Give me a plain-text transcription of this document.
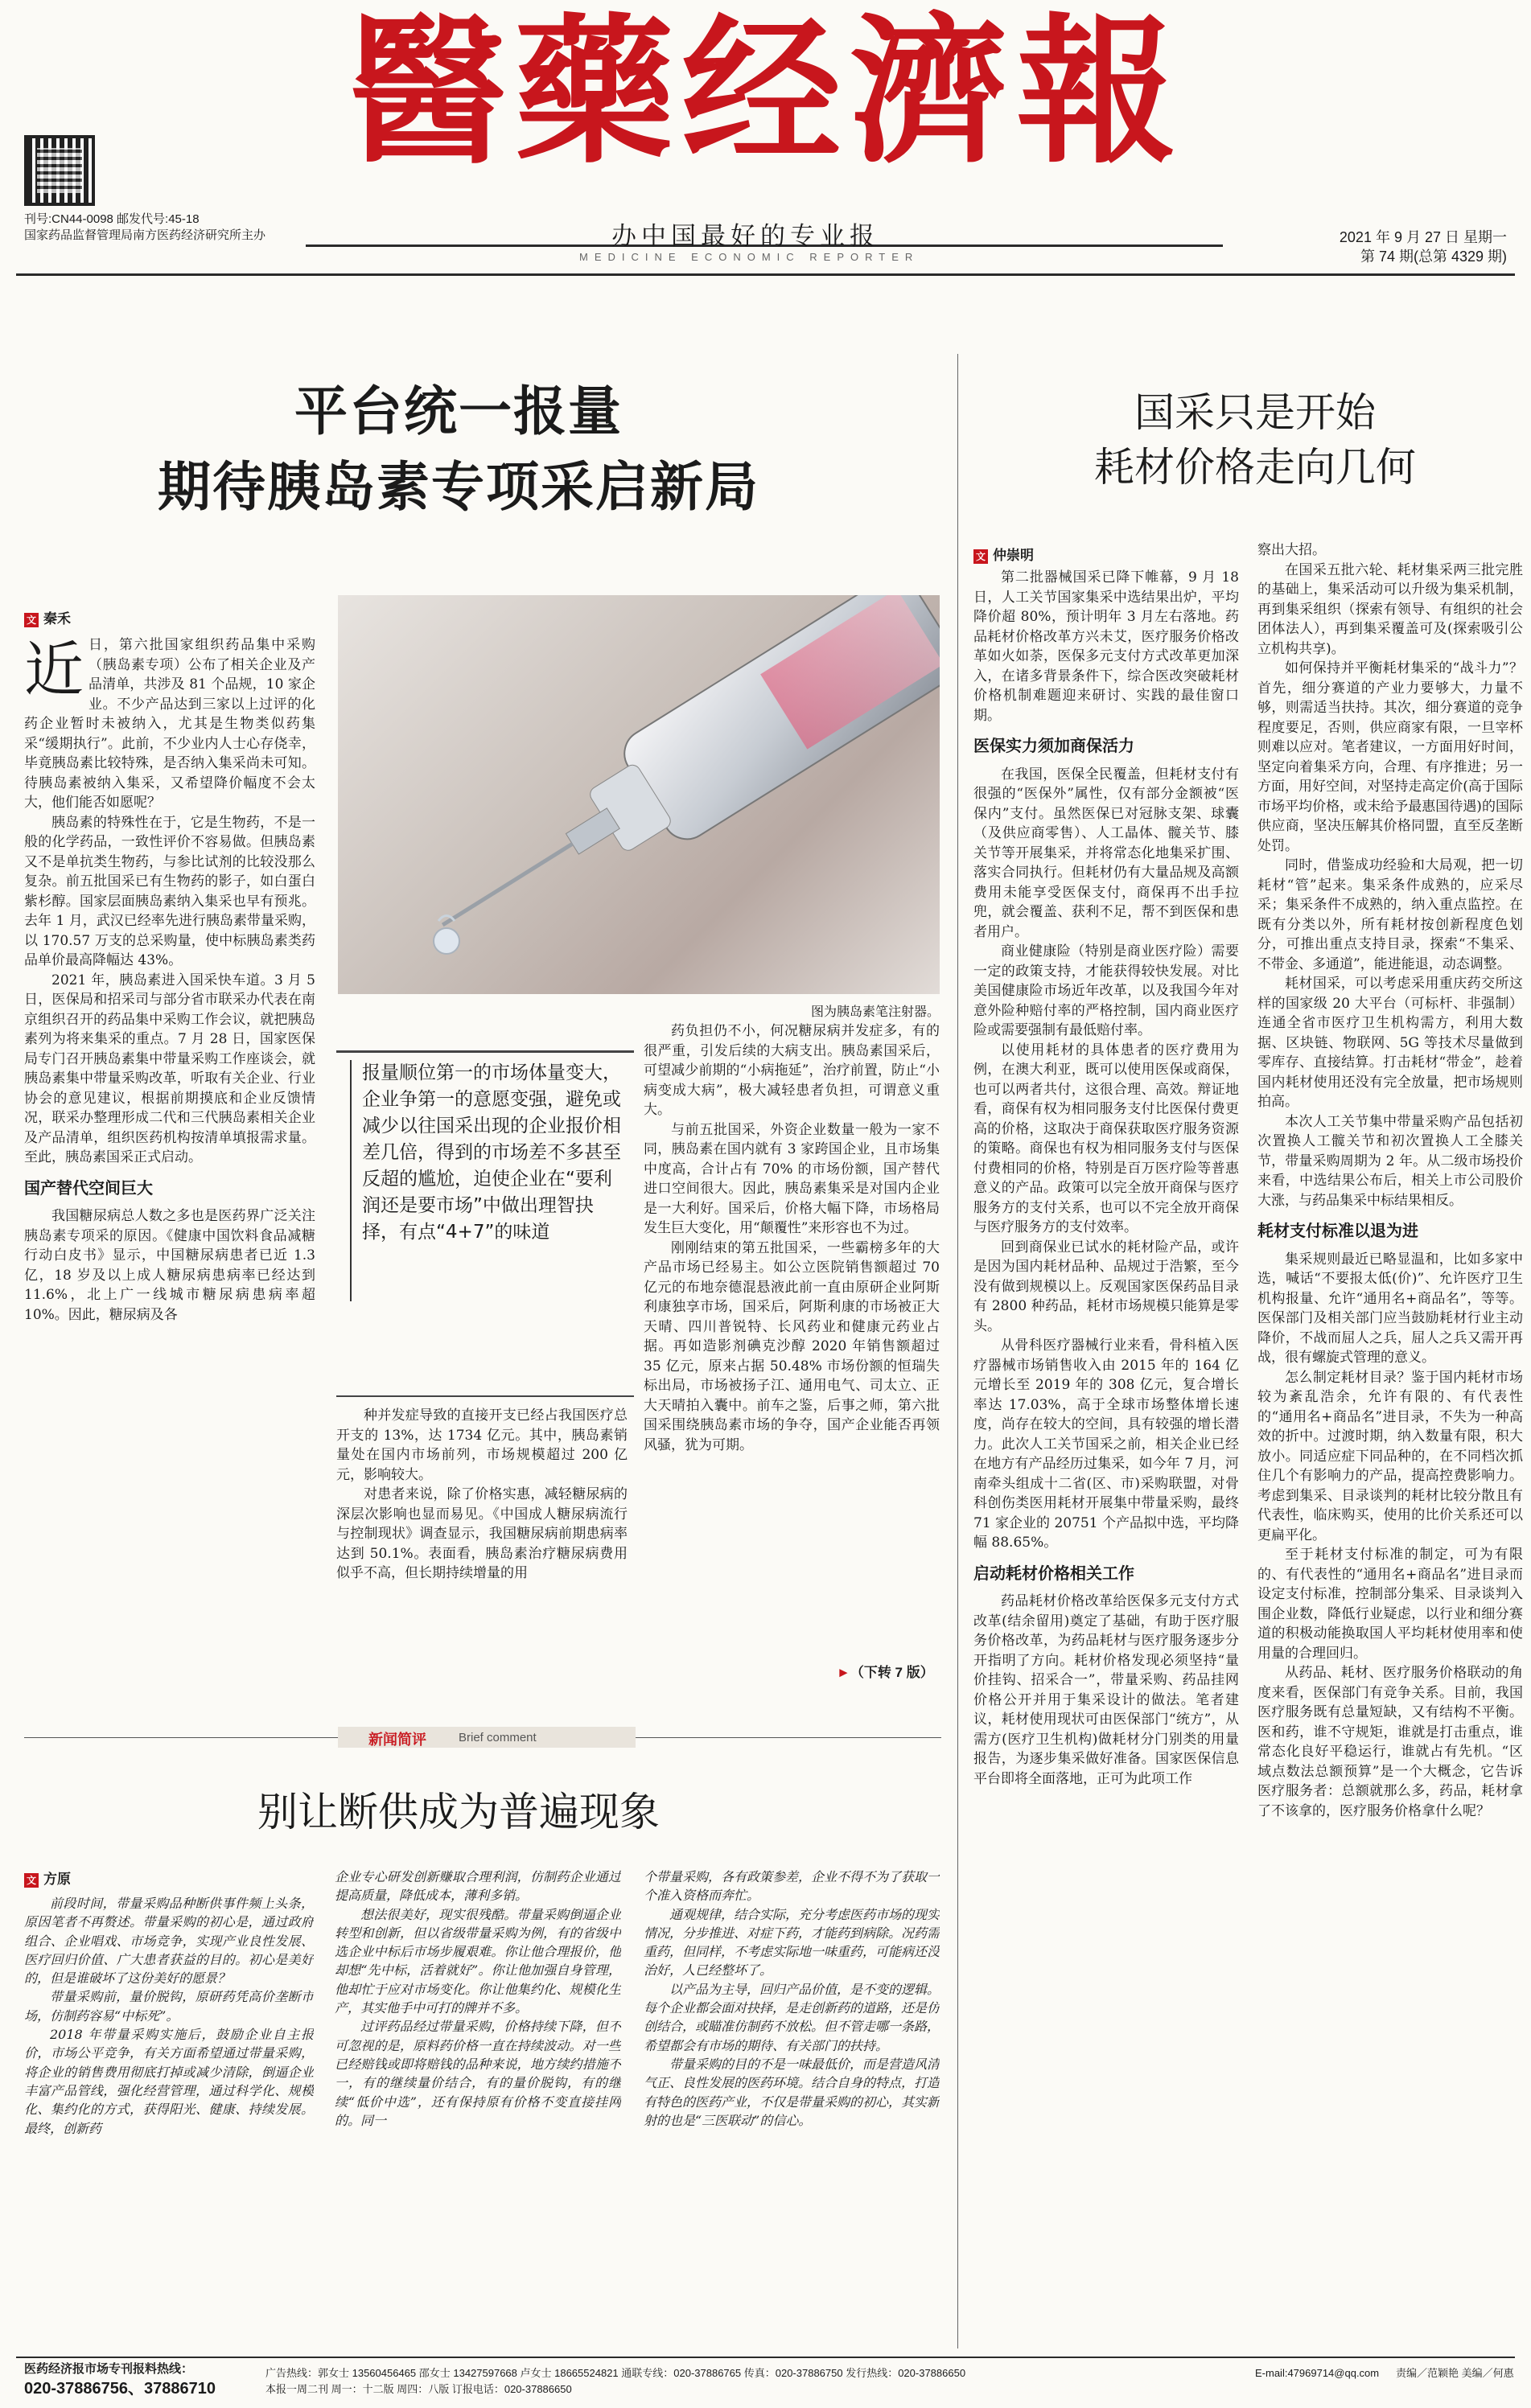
醫藥经濟報
刊号:CN44-0098 邮发代号:45-18
国家药品监督管理局南方医药经济研究所主办	办中国最好的专业报
MEDICINE ECONOMIC REPORTER
2021 年 9 月 27 日 星期一
第 74 期(总第 4329 期)
平台统一报量
期待胰岛素专项采启新局
文 秦禾
近 日，第六批国家组织药品集中采购（胰岛素专项）公布了相关企业及产品清单，共涉及 81 个品规，10 家企业。不少产品达到三家以上过评的化药企业暂时未被纳入，尤其是生物类似药集采“缓期执行”。此前，不少业内人士心存侥幸，毕竟胰岛素比较特殊，是否纳入集采尚未可知。待胰岛素被纳入集采，又希望降价幅度不会太大，他们能否如愿呢？

胰岛素的特殊性在于，它是生物药，不是一般的化学药品，一致性评价不容易做。但胰岛素又不是单抗类生物药，与参比试剂的比较没那么复杂。前五批国采已有生物药的影子，如白蛋白紫杉醇。国家层面胰岛素纳入集采也早有预兆。去年 1 月，武汉已经率先进行胰岛素带量采购，以 170.57 万支的总采购量，使中标胰岛素类药品单价最高降幅达 43%。

2021 年，胰岛素进入国采快车道。3 月 5 日，医保局和招采司与部分省市联采办代表在南京组织召开的药品集中采购工作会议，就把胰岛素列为将来集采的重点。7 月 28 日，国家医保局专门召开胰岛素集中带量采购工作座谈会，就胰岛素集中带量采购改革，听取有关企业、行业协会的意见建议，根据前期摸底和企业反馈情况，联采办整理形成二代和三代胰岛素相关企业及产品清单，组织医药机构按清单填报需求量。至此，胰岛素国采正式启动。

国产替代空间巨大

我国糖尿病总人数之多也是医药界广泛关注胰岛素专项采的原因。《健康中国饮料食品减糖行动白皮书》显示，中国糖尿病患者已近 1.3 亿，18 岁及以上成人糖尿病患病率已经达到 11.6%，北上广一线城市糖尿病患病率超 10%。因此，糖尿病及各

图为胰岛素笔注射器。
报量顺位第一的市场体量变大，企业争第一的意愿变强，避免或减少以往国采出现的企业报价相差几倍，得到的市场差不多甚至反超的尴尬，迫使企业在“要利润还是要市场”中做出理智抉择，有点“4+7”的味道

种并发症导致的直接开支已经占我国医疗总开支的 13%，达 1734 亿元。其中，胰岛素销量处在国内市场前列，市场规模超过 200 亿元，影响较大。

对患者来说，除了价格实惠，减轻糖尿病的深层次影响也显而易见。《中国成人糖尿病流行与控制现状》调查显示，我国糖尿病前期患病率达到 50.1%。表面看，胰岛素治疗糖尿病费用似乎不高，但长期持续增量的用

药负担仍不小，何况糖尿病并发症多，有的很严重，引发后续的大病支出。胰岛素国采后，可望减少前期的“小病拖延”，治疗前置，防止“小病变成大病”，极大减轻患者负担，可谓意义重大。

与前五批国采，外资企业数量一般为一家不同，胰岛素在国内就有 3 家跨国企业，且市场集中度高，合计占有 70% 的市场份额，国产替代进口空间很大。因此，胰岛素集采是对国内企业是一大利好。国采后，价格大幅下降，市场格局发生巨大变化，用“颠覆性”来形容也不为过。

刚刚结束的第五批国采，一些霸榜多年的大产品市场已经易主。如公立医院销售额超过 70 亿元的布地奈德混悬液此前一直由原研企业阿斯利康独享市场，国采后，阿斯利康的市场被正大天晴、四川普锐特、长风药业和健康元药业占据。再如造影剂碘克沙醇 2020 年销售额超过 35 亿元，原来占据 50.48% 市场份额的恒瑞失标出局，市场被扬子江、通用电气、司太立、正大天晴拍入囊中。前车之鉴，后事之师，第六批国采围绕胰岛素市场的争夺，国产企业能否再领风骚，犹为可期。

►（下转 7 版）
国采只是开始
耗材价格走向几何
文 仲崇明

第二批器械国采已降下帷幕，9 月 18 日，人工关节国家集采中选结果出炉，平均降价超 80%，预计明年 3 月左右落地。药品耗材价格改革方兴未艾，医疗服务价格改革如火如荼，医保多元支付方式改革更加深入，在诸多背景条件下，综合医改突破耗材价格机制难题迎来研讨、实践的最佳窗口期。

医保实力须加商保活力

在我国，医保全民覆盖，但耗材支付有很强的“医保外”属性，仅有部分金额被“医保内”支付。虽然医保已对冠脉支架、球囊（及供应商零售）、人工晶体、髋关节、膝关节等开展集采，并将常态化地集采扩围、落实合同执行。但耗材仍有大量品规及高额费用未能享受医保支付，商保再不出手拉兜，就会覆盖、获利不足，帮不到医保和患者用户。

商业健康险（特别是商业医疗险）需要一定的政策支持，才能获得较快发展。对比美国健康险市场近年改革，以及我国今年对意外险种赔付率的严格控制，国内商业医疗险或需要强制有最低赔付率。

以使用耗材的具体患者的医疗费用为例，在澳大利亚，既可以使用医保或商保，也可以两者共付，这很合理、高效。辩证地看，商保有权为相同服务支付比医保付费更高的价格，这取决于商保获取医疗服务资源的策略。商保也有权为相同服务支付与医保付费相同的价格，特别是百万医疗险等普惠意义的产品。政策可以完全放开商保与医疗服务方的支付关系，也可以不完全放开商保与医疗服务方的支付效率。

回到商保业已试水的耗材险产品，或许是因为国内耗材品种、品规过于浩繁，至今没有做到规模以上。反观国家医保药品目录有 2800 种药品，耗材市场规模只能算是零头。

从骨科医疗器械行业来看，骨科植入医疗器械市场销售收入由 2015 年的 164 亿元增长至 2019 年的 308 亿元，复合增长率达 17.03%，高于全球市场整体增长速度，尚存在较大的空间，具有较强的增长潜力。此次人工关节国采之前，相关企业已经在地方有产品经历过集采，如今年 7 月，河南牵头组成十二省(区、市)采购联盟，对骨科创伤类医用耗材开展集中带量采购，最终 71 家企业的 20751 个产品拟中选，平均降幅 88.65%。

启动耗材价格相关工作

药品耗材价格改革给医保多元支付方式改革(结余留用)奠定了基础，有助于医疗服务价格改革，为药品耗材与医疗服务逐步分开指明了方向。耗材价格发现必须坚持“量价挂钩、招采合一”，带量采购、药品挂网价格公开并用于集采设计的做法。笔者建议，耗材使用现状可由医保部门“统方”，从需方(医疗卫生机构)做耗材分门别类的用量报告，为逐步集采做好准备。国家医保信息平台即将全面落地，正可为此项工作

察出大招。

在国采五批六轮、耗材集采两三批完胜的基础上，集采活动可以升级为集采机制，再到集采组织（探索有领导、有组织的社会团体法人），再到集采覆盖可及(探索吸引公立机构共享)。

如何保持并平衡耗材集采的“战斗力”？首先，细分赛道的产业力要够大，力量不够，则需适当扶持。其次，细分赛道的竞争程度要足，否则，供应商家有限，一旦宰杯则难以应对。笔者建议，一方面用好时间，坚定向着集采方向，合理、有序推进；另一方面，用好空间，对坚持走高定价(高于国际市场平均价格，或未给予最惠国待遇)的国际供应商，坚决压解其价格同盟，直至反垄断处罚。

同时，借鉴成功经验和大局观，把一切耗材“管”起来。集采条件成熟的，应采尽采；集采条件不成熟的，纳入重点监控。在既有分类以外，所有耗材按创新程度色划分，可推出重点支持目录，探索“不集采、不带金、多通道”，能进能退，动态调整。

耗材国采，可以考虑采用重庆药交所这样的国家级 20 大平台（可标杆、非强制）连通全省市医疗卫生机构需方，利用大数据、区块链、物联网、5G 等技术尽量做到零库存、直接结算。打击耗材“带金”，趁着国内耗材使用还没有完全放量，把市场规则拍高。

本次人工关节集中带量采购产品包括初次置换人工髋关节和初次置换人工全膝关节，带量采购周期为 2 年。从二级市场投价来看，中选结果公布后，相关上市公司股价大涨，与药品集采中标结果相反。

耗材支付标准以退为进

集采规则最近已略显温和，比如多家中选，喊话“不要报太低(价)”、允许医疗卫生机构报量、允许“通用名+商品名”，等等。医保部门及相关部门应当鼓励耗材行业主动降价，不战而屈人之兵，屈人之兵又需开再战，很有螺旋式管理的意义。

怎么制定耗材目录？鉴于国内耗材市场较为紊乱浩余，允许有限的、有代表性的“通用名+商品名”进目录，不失为一种高效的折中。过渡时期，纳入数量有限，积大放小。同适应症下同品种的，在不同档次抓住几个有影响力的产品，提高控费影响力。考虑到集采、目录谈判的耗材比较分散且有代表性，临床购买，使用的比价关系还可以更扁平化。

至于耗材支付标准的制定，可为有限的、有代表性的“通用名+商品名”进目录而设定支付标准，控制部分集采、目录谈判入围企业数，降低行业疑虑，以行业和细分赛道的积极动能换取国人平均耗材使用率和使用量的合理回归。

从药品、耗材、医疗服务价格联动的角度来看，医保部门有竞争关系。目前，我国医疗服务既有总量短缺，又有结构不平衡。医和药，谁不守规矩，谁就是打击重点，谁常态化良好平稳运行，谁就占有先机。“区域点数法总额预算”是一个大概念，它告诉医疗服务者：总额就那么多，药品，耗材拿了不该拿的，医疗服务价格拿什么呢？

新闻简评	Brief comment
别让断供成为普遍现象
文 方原

前段时间，带量采购品种断供事件频上头条，原因笔者不再赘述。带量采购的初心是，通过政府组合、企业唱戏、市场竞争，实现产业良性发展、医疗回归价值、广大患者获益的目的。初心是美好的，但是谁破坏了这份美好的愿景？

带量采购前，量价脱钩，原研药凭高价垄断市场，仿制药容易“中标死”。

2018 年带量采购实施后，鼓励企业自主报价，市场公平竞争，有关方面希望通过带量采购，将企业的销售费用彻底打掉或减少清除，倒逼企业丰富产品管线，强化经营管理，通过科学化、规模化、集约化的方式，获得阳光、健康、持续发展。最终，创新药

企业专心研发创新赚取合理利润，仿制药企业通过提高质量，降低成本，薄利多销。

想法很美好，现实很残酷。带量采购倒逼企业转型和创新，但以省级带量采购为例，有的省级中选企业中标后市场步履艰难。你让他合理报价，他却想“先中标，活着就好”。你让他加强自身管理，他却忙于应对市场变化。你让他集约化、规模化生产，其实他手中可打的牌并不多。

过评药品经过带量采购，价格持续下降，但不可忽视的是，原料药价格一直在持续波动。对一些已经赔钱或即将赔钱的品种来说，地方续约措施不一，有的继续量价结合，有的量价脱钩，有的继续“低价中选”，还有保持原有价格不变直接挂网的。同一

个带量采购，各有政策参差，企业不得不为了获取一个准入资格而奔忙。

通观规律，结合实际，充分考虑医药市场的现实情况，分步推进、对症下药，才能药到病除。况药需重药，但同样，不考虑实际地一味重药，可能病还没治好，人已经整坏了。

以产品为主导，回归产品价值，是不变的逻辑。每个企业都会面对抉择，是走创新药的道路，还是仿创结合，或瞄准仿制药不放松。但不管走哪一条路，希望都会有市场的期待、有关部门的扶持。

带量采购的目的不是一味最低价，而是营造风清气正、良性发展的医药环境。结合自身的特点，打造有特色的医药产业，不仅是带量采购的初心，其实新射的也是“三医联动”的信心。

医药经济报市场专刊报料热线：
020-37886756、37886710
广告热线：郭女士 13560456465 邵女士 13427597668 卢女士 18665524821 通联专线：020-37886765 传真：020-37886750 发行热线：020-37886650
本报一周二刊 周一：十二版 周四：八版 订报电话：020-37886650
E-mail:47969714@qq.com 责编／范颖艳 美编／何惠
